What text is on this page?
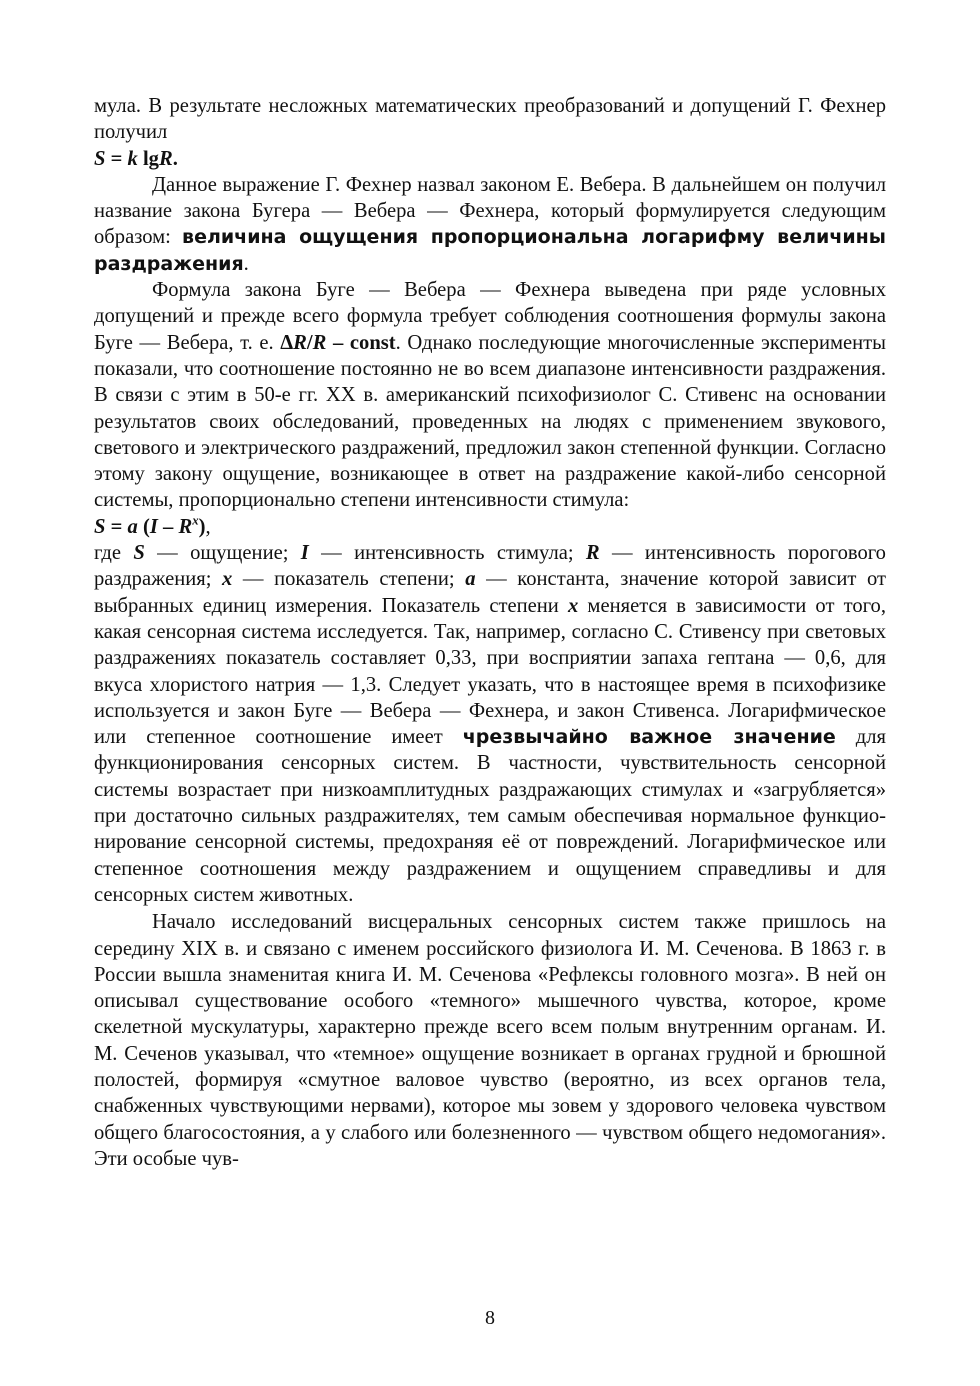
мула. В результате несложных математических преобразований и допущений Г. Фехнер получил

S = k lgR.

Данное выражение Г. Фехнер назвал законом Е. Вебера. В дальнейшем он получил название закона Бугера — Вебера — Фехнера, который формулируется следующим образом: величина ощущения пропорциональна логарифму величины раздражения.

Формула закона Буге — Вебера — Фехнера выведена при ряде условных допущений и прежде всего формула требует соблюдения соотношения формулы закона Буге — Вебера, т. е. ΔR/R – const. Однако последующие многочисленные эксперименты показали, что соотношение постоянно не во всем диапазоне интенсивности раздражения. В связи с этим в 50-е гг. XX в. американский психофизиолог С. Стивенс на основании результатов своих обследований, проведенных на людях с применением звукового, светового и электрического раздражений, предложил закон степенной функции. Согласно этому закону ощущение, возникающее в ответ на раздражение какой-либо сенсорной системы, пропорционально степени интенсивности стимула:

S = a $(I - R^x)$,

где S — ощущение; I — интенсивность стимула; R — интенсивность порогового раздражения; x — показатель степени; a — константа, значение которой зависит от выбранных единиц измерения. Показатель степени x меняется в зависимости от того, какая сенсорная система исследуется. Так, например, согласно С. Стивенсу при световых раздражениях показатель составляет 0,33, при восприятии запаха гептана — 0,6, для вкуса хлористого натрия — 1,3. Следует указать, что в настоящее время в психофизике используется и закон Буге — Вебера — Фехнера, и закон Стивенса. Логарифмическое или степенное соотношение имеет чрезвычайно важное значение для функционирования сенсорных систем. В частности, чувствительность сенсорной системы возрастает при низкоамплитудных раздражающих стимулах и «загрубляется» при достаточно сильных раздражителях, тем самым обеспечивая нормальное функционирование сенсорной системы, предохраняя её от повреждений. Логарифмическое или степенное соотношения между раздражением и ощущением справедливы и для сенсорных систем животных.

Начало исследований висцеральных сенсорных систем также пришлось на середину XIX в. и связано с именем российского физиолога И. М. Сеченова. В 1863 г. в России вышла знаменитая книга И. М. Сеченова «Рефлексы головного мозга». В ней он описывал существование особого «темного» мышечного чувства, которое, кроме скелетной мускулатуры, характерно прежде всего всем полым внутренним органам. И. М. Сеченов указывал, что «темное» ощущение возникает в органах грудной и брюшной полостей, формируя «смутное валовое чувство (вероятно, из всех органов тела, снабженных чувствующими нервами), которое мы зовем у здорового человека чувством общего благосостояния, а у слабого или болезненного — чувством общего недомогания». Эти особые чув-

8
